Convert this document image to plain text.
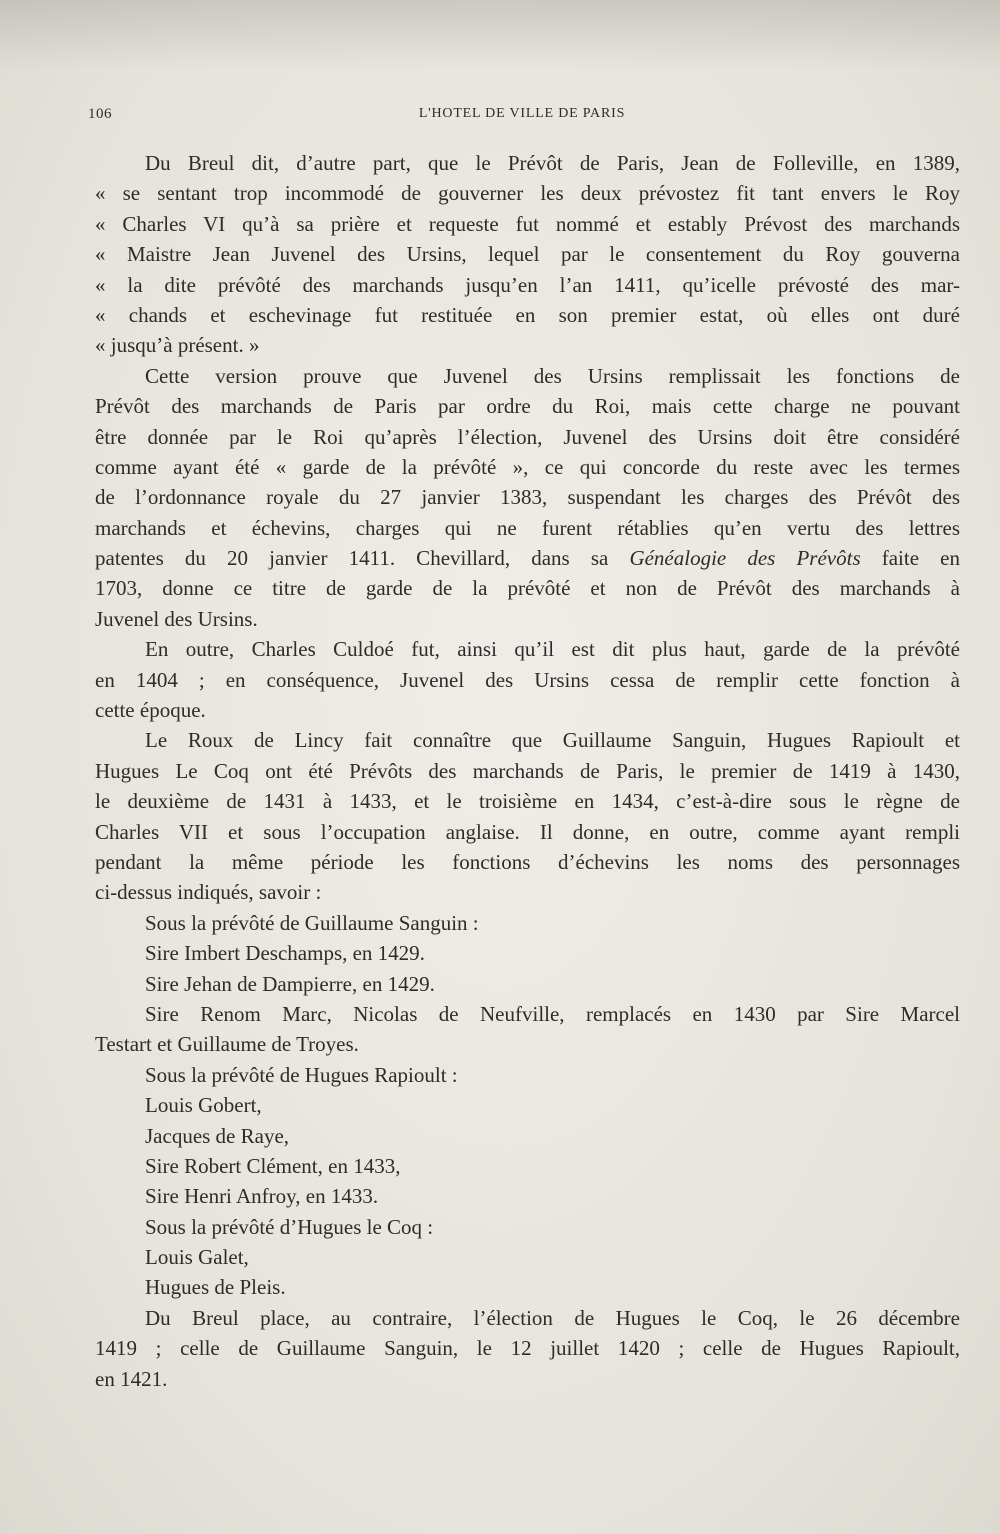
106	L'HOTEL DE VILLE DE PARIS
Du Breul dit, d’autre part, que le Prévôt de Paris, Jean de Folleville, en 1389,
« se sentant trop incommodé de gouverner les deux prévostez fit tant envers le Roy
« Charles VI qu’à sa prière et requeste fut nommé et estably Prévost des marchands
« Maistre Jean Juvenel des Ursins, lequel par le consentement du Roy gouverna
« la dite prévôté des marchands jusqu’en l’an 1411, qu’icelle prévosté des mar-
« chands et eschevinage fut restituée en son premier estat, où elles ont duré
« jusqu’à présent. »
Cette version prouve que Juvenel des Ursins remplissait les fonctions de
Prévôt des marchands de Paris par ordre du Roi, mais cette charge ne pouvant
être donnée par le Roi qu’après l’élection, Juvenel des Ursins doit être considéré
comme ayant été « garde de la prévôté », ce qui concorde du reste avec les termes
de l’ordonnance royale du 27 janvier 1383, suspendant les charges des Prévôt des
marchands et échevins, charges qui ne furent rétablies qu’en vertu des lettres
patentes du 20 janvier 1411. Chevillard, dans sa Généalogie des Prévôts faite en
1703, donne ce titre de garde de la prévôté et non de Prévôt des marchands à
Juvenel des Ursins.
En outre, Charles Culdoé fut, ainsi qu’il est dit plus haut, garde de la prévôté
en 1404 ; en conséquence, Juvenel des Ursins cessa de remplir cette fonction à
cette époque.
Le Roux de Lincy fait connaître que Guillaume Sanguin, Hugues Rapioult et
Hugues Le Coq ont été Prévôts des marchands de Paris, le premier de 1419 à 1430,
le deuxième de 1431 à 1433, et le troisième en 1434, c’est-à-dire sous le règne de
Charles VII et sous l’occupation anglaise. Il donne, en outre, comme ayant rempli
pendant la même période les fonctions d’échevins les noms des personnages
ci-dessus indiqués, savoir :
Sous la prévôté de Guillaume Sanguin :
Sire Imbert Deschamps, en 1429.
Sire Jehan de Dampierre, en 1429.
Sire Renom Marc, Nicolas de Neufville, remplacés en 1430 par Sire Marcel
Testart et Guillaume de Troyes.
Sous la prévôté de Hugues Rapioult :
Louis Gobert,
Jacques de Raye,
Sire Robert Clément, en 1433,
Sire Henri Anfroy, en 1433.
Sous la prévôté d’Hugues le Coq :
Louis Galet,
Hugues de Pleis.
Du Breul place, au contraire, l’élection de Hugues le Coq, le 26 décembre
1419 ; celle de Guillaume Sanguin, le 12 juillet 1420 ; celle de Hugues Rapioult,
en 1421.
